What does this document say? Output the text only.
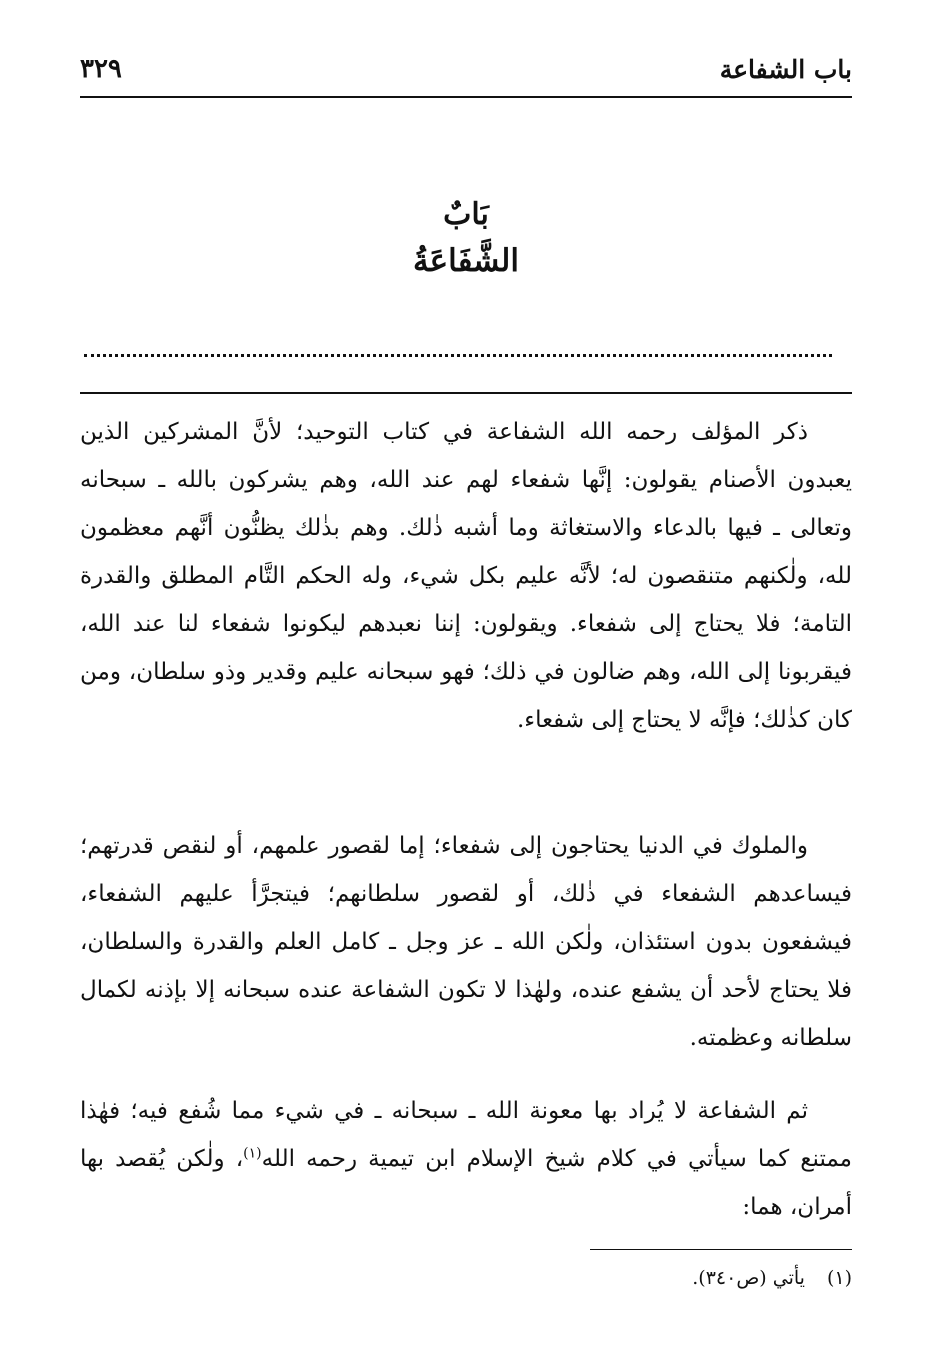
باب الشفاعة
٣٢٩
بَابٌ
الشَّفَاعَةُ

ذكر المؤلف رحمه الله الشفاعة في كتاب التوحيد؛ لأنَّ المشركين الذين يعبدون الأصنام يقولون: إنَّها شفعاء لهم عند الله، وهم يشركون بالله ـ سبحانه وتعالى ـ فيها بالدعاء والاستغاثة وما أشبه ذٰلك. وهم بذٰلك يظنُّون أنَّهم معظمون لله، ولٰكنهم متنقصون له؛ لأنَّه عليم بكل شيء، وله الحكم التَّام المطلق والقدرة التامة؛ فلا يحتاج إلى شفعاء. ويقولون: إننا نعبدهم ليكونوا شفعاء لنا عند الله، فيقربونا إلى الله، وهم ضالون في ذلك؛ فهو سبحانه عليم وقدير وذو سلطان، ومن كان كذٰلك؛ فإنَّه لا يحتاج إلى شفعاء.

والملوك في الدنيا يحتاجون إلى شفعاء؛ إما لقصور علمهم، أو لنقص قدرتهم؛ فيساعدهم الشفعاء في ذٰلك، أو لقصور سلطانهم؛ فيتجرَّأ عليهم الشفعاء، فيشفعون بدون استئذان، ولٰكن الله ـ عز وجل ـ كامل العلم والقدرة والسلطان، فلا يحتاج لأحد أن يشفع عنده، ولهٰذا لا تكون الشفاعة عنده سبحانه إلا بإذنه لكمال سلطانه وعظمته.

ثم الشفاعة لا يُراد بها معونة الله ـ سبحانه ـ في شيء مما شُفع فيه؛ فهٰذا ممتنع كما سيأتي في كلام شيخ الإسلام ابن تيمية رحمه الله$^{(١)}$، ولٰكن يُقصد بها أمران، هما:

(١)يأتي (ص٣٤٠).
